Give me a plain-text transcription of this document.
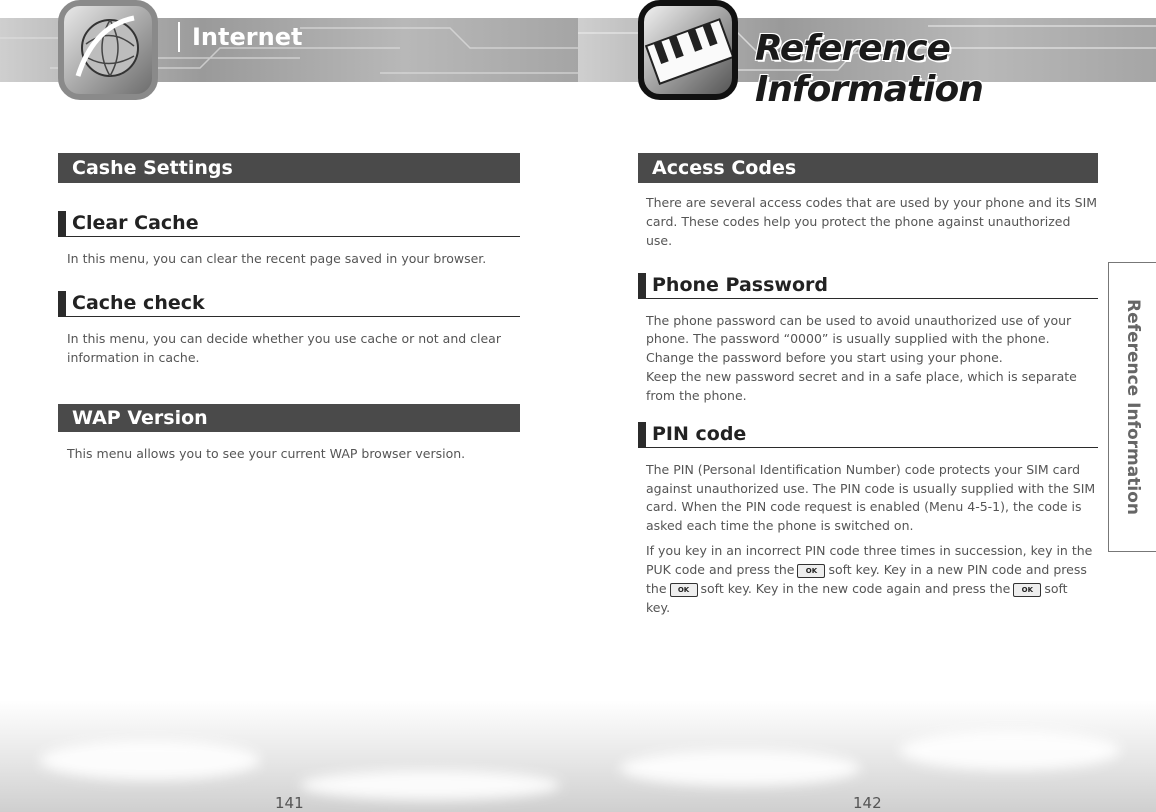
Internet	Reference Information
Cashe Settings
Clear Cache
In this menu, you can clear the recent page saved in your browser.
Cache check
In this menu, you can decide whether you use cache or not and clear
information in cache.
WAP Version
This menu allows you to see your current WAP browser version.
Access Codes
There are several access codes that are used by your phone and its SIM
card. These codes help you protect the phone against unauthorized
use.
Phone Password
The phone password can be used to avoid unauthorized use of your
phone. The password “0000” is usually supplied with the phone.
Change the password before you start using your phone.
Keep the new password secret and in a safe place, which is separate
from the phone.
PIN code
The PIN (Personal Identification Number) code protects your SIM card
against unauthorized use. The PIN code is usually supplied with the SIM
card. When the PIN code request is enabled (Menu 4-5-1), the code is
asked each time the phone is switched on.
If you key in an incorrect PIN code three times in succession, key in the
PUK code and press the OK soft key. Key in a new PIN code and press
the OK soft key. Key in the new code again and press the OK soft
key.
Reference Information
141	142
